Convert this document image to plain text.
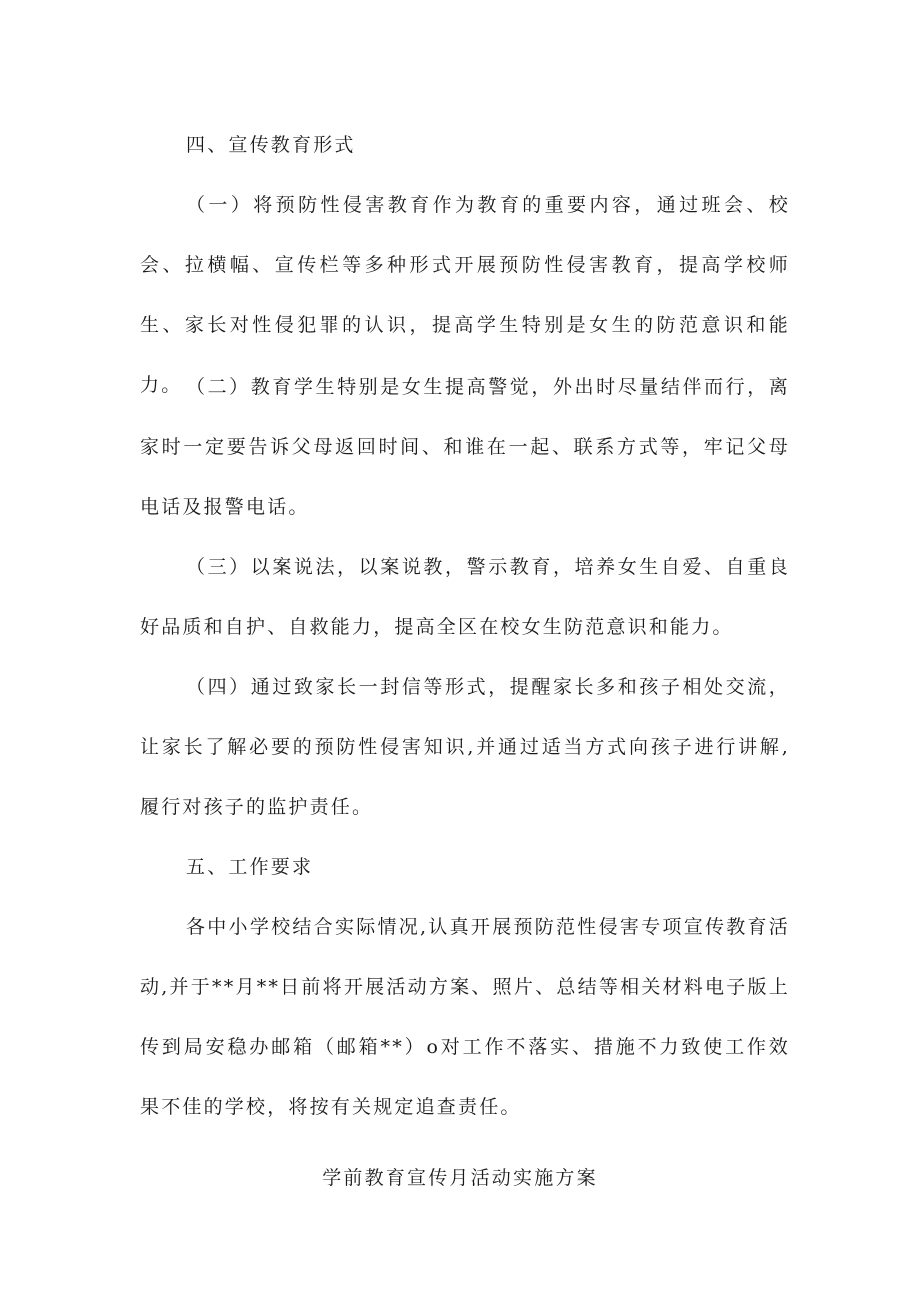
四、宣传教育形式

（一）将预防性侵害教育作为教育的重要内容，通过班会、校会、拉横幅、宣传栏等多种形式开展预防性侵害教育，提高学校师生、家长对性侵犯罪的认识，提高学生特别是女生的防范意识和能力。 （二）教育学生特别是女生提高警觉，外出时尽量结伴而行，离家时一定要告诉父母返回时间、和谁在一起、联系方式等，牢记父母电话及报警电话。

（三）以案说法，以案说教，警示教育，培养女生自爱、自重良好品质和自护、自救能力，提高全区在校女生防范意识和能力。

（四）通过致家长一封信等形式，提醒家长多和孩子相处交流，让家长了解必要的预防性侵害知识,并通过适当方式向孩子进行讲解,履行对孩子的监护责任。

五、工作要求

各中小学校结合实际情况,认真开展预防范性侵害专项宣传教育活动,并于**月**日前将开展活动方案、照片、总结等相关材料电子版上传到局安稳办邮箱（邮箱**）o对工作不落实、措施不力致使工作效果不佳的学校，将按有关规定追查责任。

学前教育宣传月活动实施方案
